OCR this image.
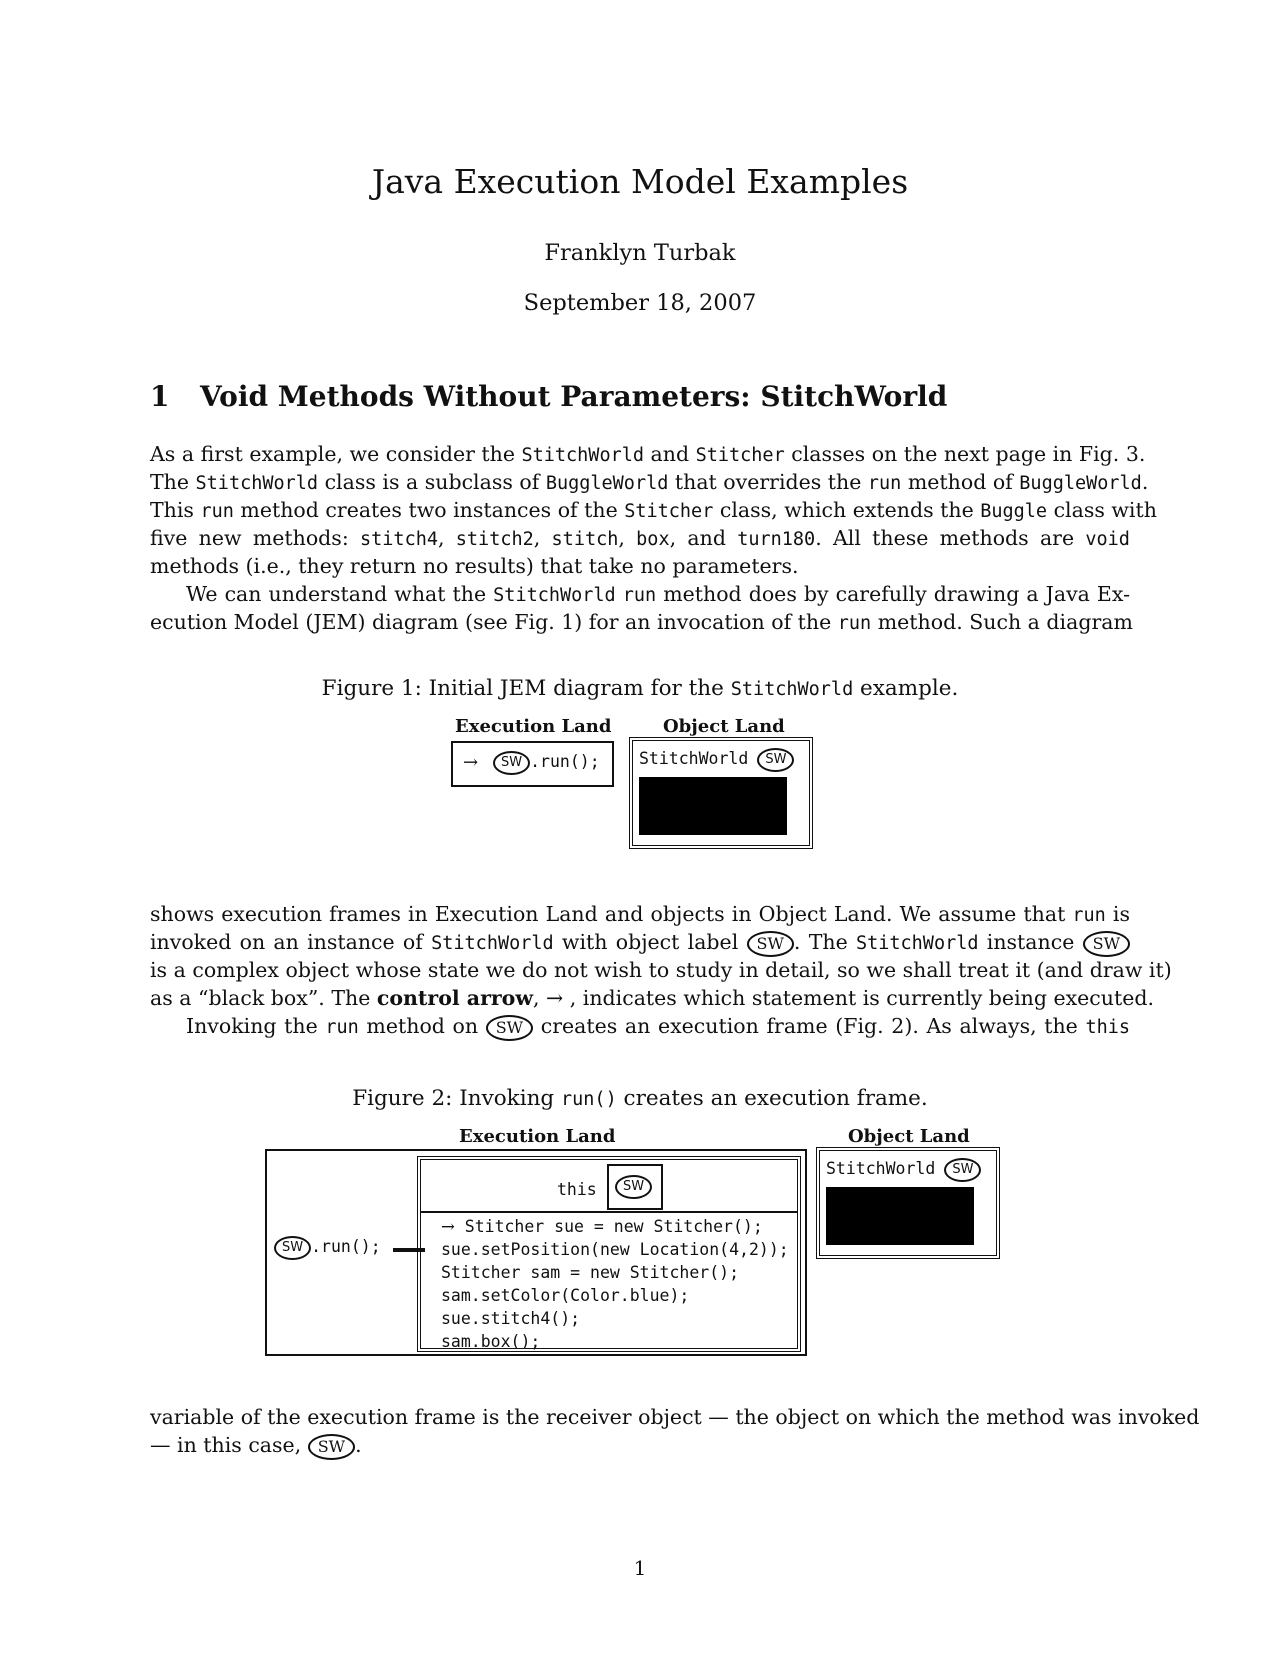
Java Execution Model Examples
Franklyn Turbak
September 18, 2007
1 Void Methods Without Parameters: StitchWorld
As a first example, we consider the StitchWorld and Stitcher classes on the next page in Fig. 3.
The StitchWorld class is a subclass of BuggleWorld that overrides the run method of BuggleWorld.
This run method creates two instances of the Stitcher class, which extends the Buggle class with
five new methods: stitch4, stitch2, stitch, box, and turn180. All these methods are void
methods (i.e., they return no results) that take no parameters.
We can understand what the StitchWorld run method does by carefully drawing a Java Ex-
ecution Model (JEM) diagram (see Fig. 1) for an invocation of the run method. Such a diagram
Figure 1: Initial JEM diagram for the StitchWorld example.
Execution Land	Object Land
→	SW .run(); StitchWorld SW
shows execution frames in Execution Land and objects in Object Land. We assume that run is
invoked on an instance of StitchWorld with object label SW . The StitchWorld instance SW
is a complex object whose state we do not wish to study in detail, so we shall treat it (and draw it)
as a “black box”. The control arrow, → , indicates which statement is currently being executed.
Invoking the run method on SW creates an execution frame (Fig. 2). As always, the this
Figure 2: Invoking run() creates an execution frame.
Execution Land	Object Land
SW .run();
this	SW
→ Stitcher sue = new Stitcher();
sue.setPosition(new Location(4,2));
Stitcher sam = new Stitcher();
sam.setColor(Color.blue);
sue.stitch4();
sam.box();
StitchWorld SW
variable of the execution frame is the receiver object — the object on which the method was invoked
— in this case, SW .
1
